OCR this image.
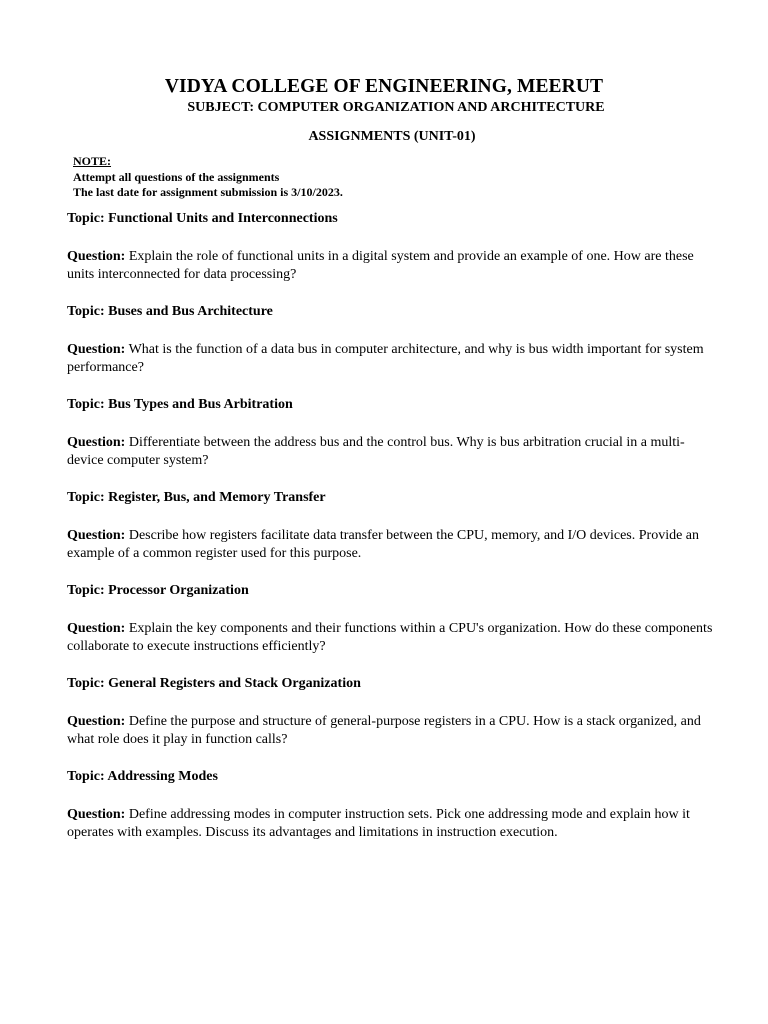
VIDYA COLLEGE OF ENGINEERING, MEERUT
SUBJECT: COMPUTER ORGANIZATION AND ARCHITECTURE
ASSIGNMENTS (UNIT-01)
NOTE:
Attempt all questions of the assignments
The last date for assignment submission is 3/10/2023.
Topic: Functional Units and Interconnections
Question: Explain the role of functional units in a digital system and provide an example of one. How are these units interconnected for data processing?
Topic: Buses and Bus Architecture
Question: What is the function of a data bus in computer architecture, and why is bus width important for system performance?
Topic: Bus Types and Bus Arbitration
Question: Differentiate between the address bus and the control bus. Why is bus arbitration crucial in a multi-device computer system?
Topic: Register, Bus, and Memory Transfer
Question: Describe how registers facilitate data transfer between the CPU, memory, and I/O devices. Provide an example of a common register used for this purpose.
Topic: Processor Organization
Question: Explain the key components and their functions within a CPU's organization. How do these components collaborate to execute instructions efficiently?
Topic: General Registers and Stack Organization
Question: Define the purpose and structure of general-purpose registers in a CPU. How is a stack organized, and what role does it play in function calls?
Topic: Addressing Modes
Question: Define addressing modes in computer instruction sets. Pick one addressing mode and explain how it operates with examples. Discuss its advantages and limitations in instruction execution.
